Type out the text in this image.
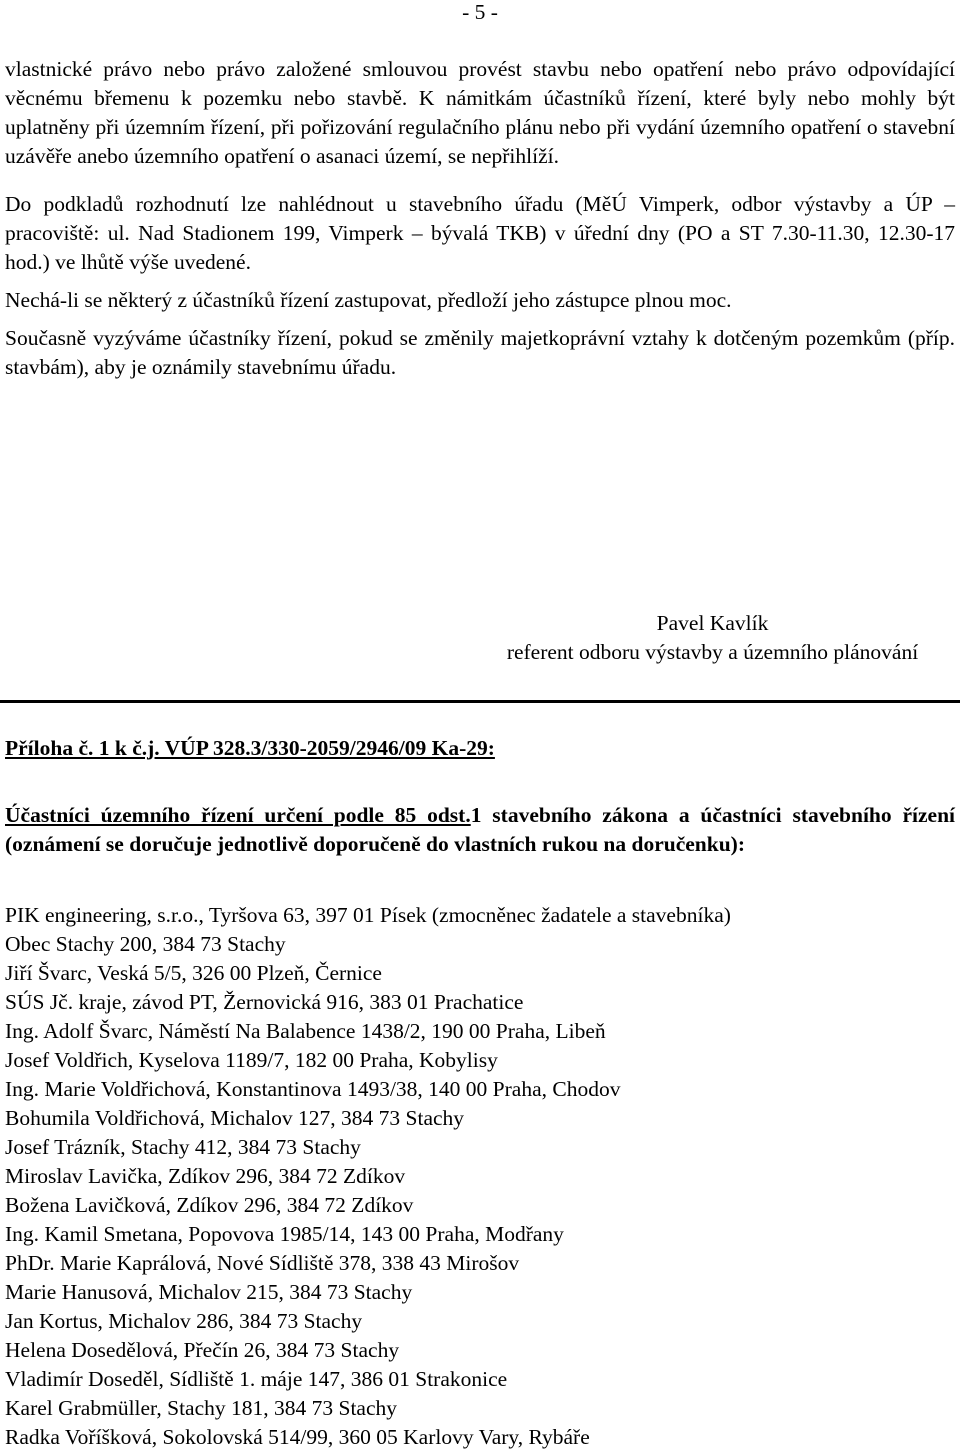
- 5 -

vlastnické právo nebo právo založené smlouvou provést stavbu nebo opatření nebo právo odpovídající věcnému břemenu k pozemku nebo stavbě. K námitkám účastníků řízení, které byly nebo mohly být uplatněny při územním řízení, při pořizování regulačního plánu nebo při vydání územního opatření o stavební uzávěře anebo územního opatření o asanaci území, se nepřihlíží.

Do podkladů rozhodnutí lze nahlédnout u stavebního úřadu (MěÚ Vimperk, odbor výstavby a ÚP – pracoviště: ul. Nad Stadionem 199, Vimperk – bývalá TKB) v úřední dny (PO a ST 7.30-11.30, 12.30-17 hod.) ve lhůtě výše uvedené.

Nechá-li se některý z účastníků řízení zastupovat, předloží jeho zástupce plnou moc.

Současně vyzýváme účastníky řízení, pokud se změnily majetkoprávní vztahy k dotčeným pozemkům (příp. stavbám), aby je oznámily stavebnímu úřadu.

Pavel Kavlík
referent odboru výstavby a územního plánování
Příloha č. 1 k č.j. VÚP 328.3/330-2059/2946/09 Ka-29:
Účastníci územního řízení určení podle 85 odst.1 stavebního zákona a účastníci stavebního řízení (oznámení se doručuje jednotlivě doporučeně do vlastních rukou na doručenku):
PIK engineering, s.r.o., Tyršova 63, 397 01 Písek (zmocněnec žadatele a stavebníka)
Obec Stachy 200, 384 73 Stachy
Jiří Švarc, Veská 5/5, 326 00 Plzeň, Černice
SÚS Jč. kraje, závod PT, Žernovická 916, 383 01 Prachatice
Ing. Adolf Švarc, Náměstí Na Balabence 1438/2, 190 00 Praha, Libeň
Josef Voldřich, Kyselova 1189/7, 182 00 Praha, Kobylisy
Ing. Marie Voldřichová, Konstantinova 1493/38, 140 00 Praha, Chodov
Bohumila Voldřichová, Michalov 127, 384 73 Stachy
Josef Trázník, Stachy 412, 384 73 Stachy
Miroslav Lavička, Zdíkov 296, 384 72 Zdíkov
Božena Lavičková, Zdíkov 296, 384 72 Zdíkov
Ing. Kamil Smetana, Popovova 1985/14, 143 00 Praha, Modřany
PhDr. Marie Kaprálová, Nové Sídliště 378, 338 43 Mirošov
Marie Hanusová, Michalov 215, 384 73 Stachy
Jan Kortus, Michalov 286, 384 73 Stachy
Helena Dosedělová, Přečín 26, 384 73 Stachy
Vladimír Doseděl, Sídliště 1. máje 147, 386 01 Strakonice
Karel Grabmüller, Stachy 181, 384 73 Stachy
Radka Voříšková, Sokolovská 514/99, 360 05 Karlovy Vary, Rybáře
